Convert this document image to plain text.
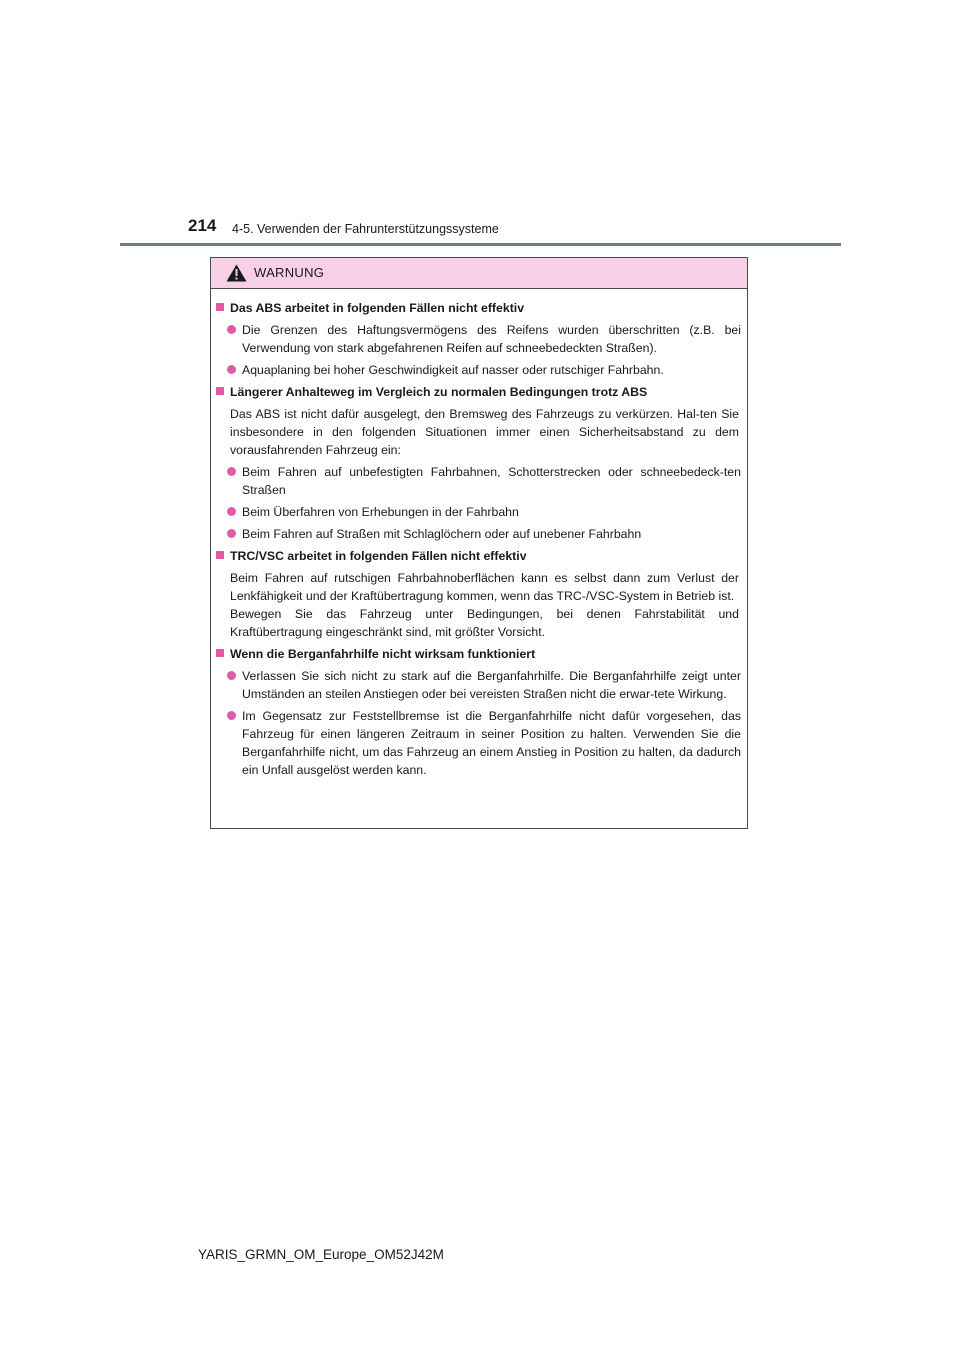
214 4-5. Verwenden der Fahrunterstützungssysteme
WARNUNG
Das ABS arbeitet in folgenden Fällen nicht effektiv
Die Grenzen des Haftungsvermögens des Reifens wurden überschritten (z.B. bei Verwendung von stark abgefahrenen Reifen auf schneebedeckten Straßen).
Aquaplaning bei hoher Geschwindigkeit auf nasser oder rutschiger Fahrbahn.
Längerer Anhalteweg im Vergleich zu normalen Bedingungen trotz ABS
Das ABS ist nicht dafür ausgelegt, den Bremsweg des Fahrzeugs zu verkürzen. Hal-ten Sie insbesondere in den folgenden Situationen immer einen Sicherheitsabstand zu dem vorausfahrenden Fahrzeug ein:
Beim Fahren auf unbefestigten Fahrbahnen, Schotterstrecken oder schneebedeck-ten Straßen
Beim Überfahren von Erhebungen in der Fahrbahn
Beim Fahren auf Straßen mit Schlaglöchern oder auf unebener Fahrbahn
TRC/VSC arbeitet in folgenden Fällen nicht effektiv
Beim Fahren auf rutschigen Fahrbahnoberflächen kann es selbst dann zum Verlust der Lenkfähigkeit und der Kraftübertragung kommen, wenn das TRC-/VSC-System in Betrieb ist.
Bewegen Sie das Fahrzeug unter Bedingungen, bei denen Fahrstabilität und Kraftübertragung eingeschränkt sind, mit größter Vorsicht.
Wenn die Berganfahrhilfe nicht wirksam funktioniert
Verlassen Sie sich nicht zu stark auf die Berganfahrhilfe. Die Berganfahrhilfe zeigt unter Umständen an steilen Anstiegen oder bei vereisten Straßen nicht die erwar-tete Wirkung.
Im Gegensatz zur Feststellbremse ist die Berganfahrhilfe nicht dafür vorgesehen, das Fahrzeug für einen längeren Zeitraum in seiner Position zu halten. Verwenden Sie die Berganfahrhilfe nicht, um das Fahrzeug an einem Anstieg in Position zu halten, da dadurch ein Unfall ausgelöst werden kann.
YARIS_GRMN_OM_Europe_OM52J42M
